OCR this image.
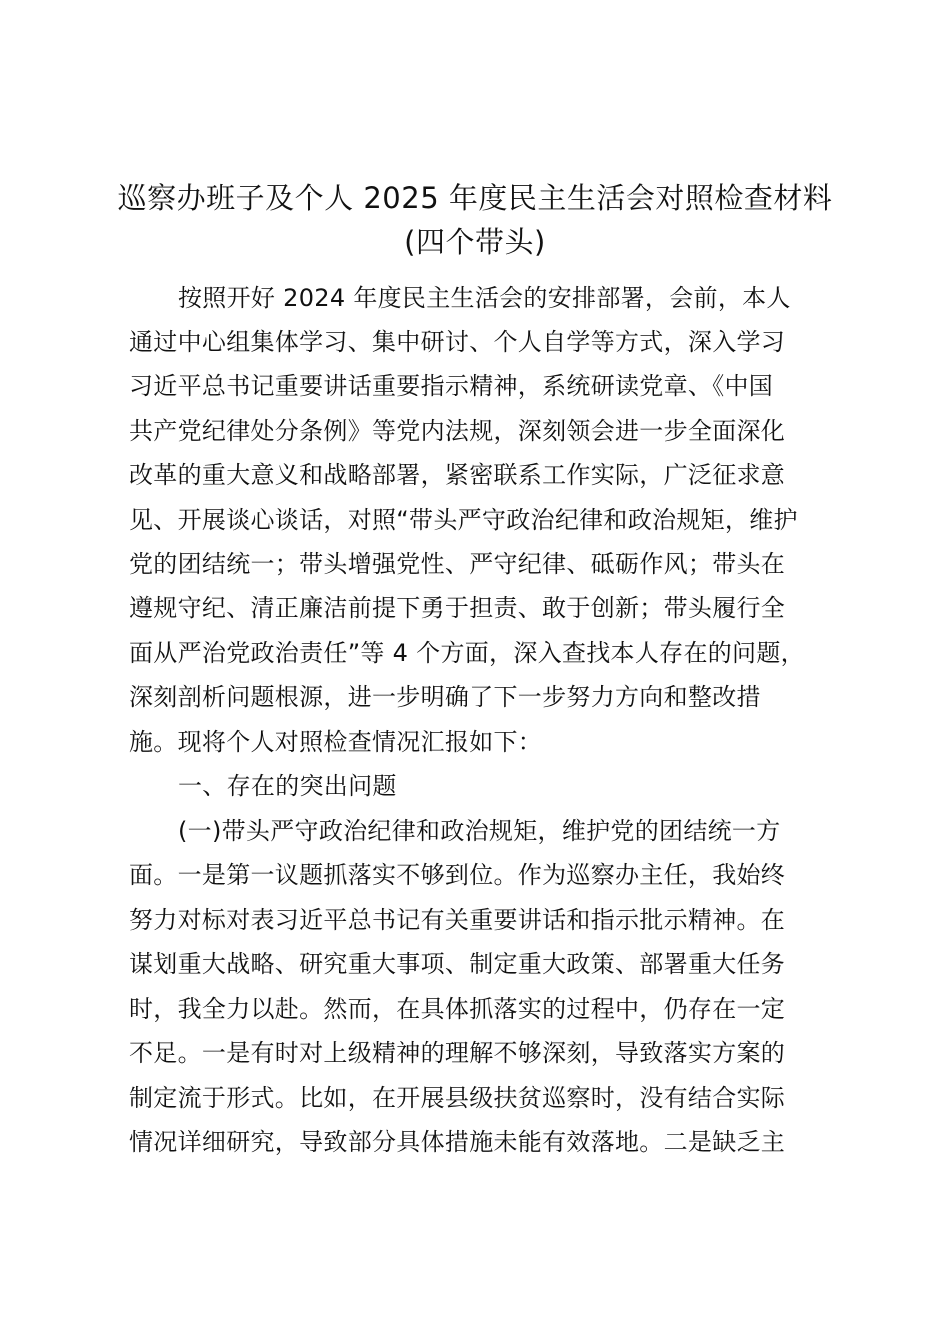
巡察办班子及个人 2025 年度民主生活会对照检查材料
(四个带头)
按照开好 2024 年度民主生活会的安排部署，会前，本人
通过中心组集体学习、集中研讨、个人自学等方式，深入学习
习近平总书记重要讲话重要指示精神，系统研读党章、《中国
共产党纪律处分条例》等党内法规，深刻领会进一步全面深化
改革的重大意义和战略部署，紧密联系工作实际，广泛征求意
见、开展谈心谈话，对照“带头严守政治纪律和政治规矩，维护
党的团结统一；带头增强党性、严守纪律、砥砺作风；带头在
遵规守纪、清正廉洁前提下勇于担责、敢于创新；带头履行全
面从严治党政治责任”等 4 个方面，深入查找本人存在的问题，
深刻剖析问题根源，进一步明确了下一步努力方向和整改措
施。现将个人对照检查情况汇报如下：
一、存在的突出问题
(一)带头严守政治纪律和政治规矩，维护党的团结统一方
面。一是第一议题抓落实不够到位。作为巡察办主任，我始终
努力对标对表习近平总书记有关重要讲话和指示批示精神。在
谋划重大战略、研究重大事项、制定重大政策、部署重大任务
时，我全力以赴。然而，在具体抓落实的过程中，仍存在一定
不足。一是有时对上级精神的理解不够深刻，导致落实方案的
制定流于形式。比如，在开展县级扶贫巡察时，没有结合实际
情况详细研究，导致部分具体措施未能有效落地。二是缺乏主
